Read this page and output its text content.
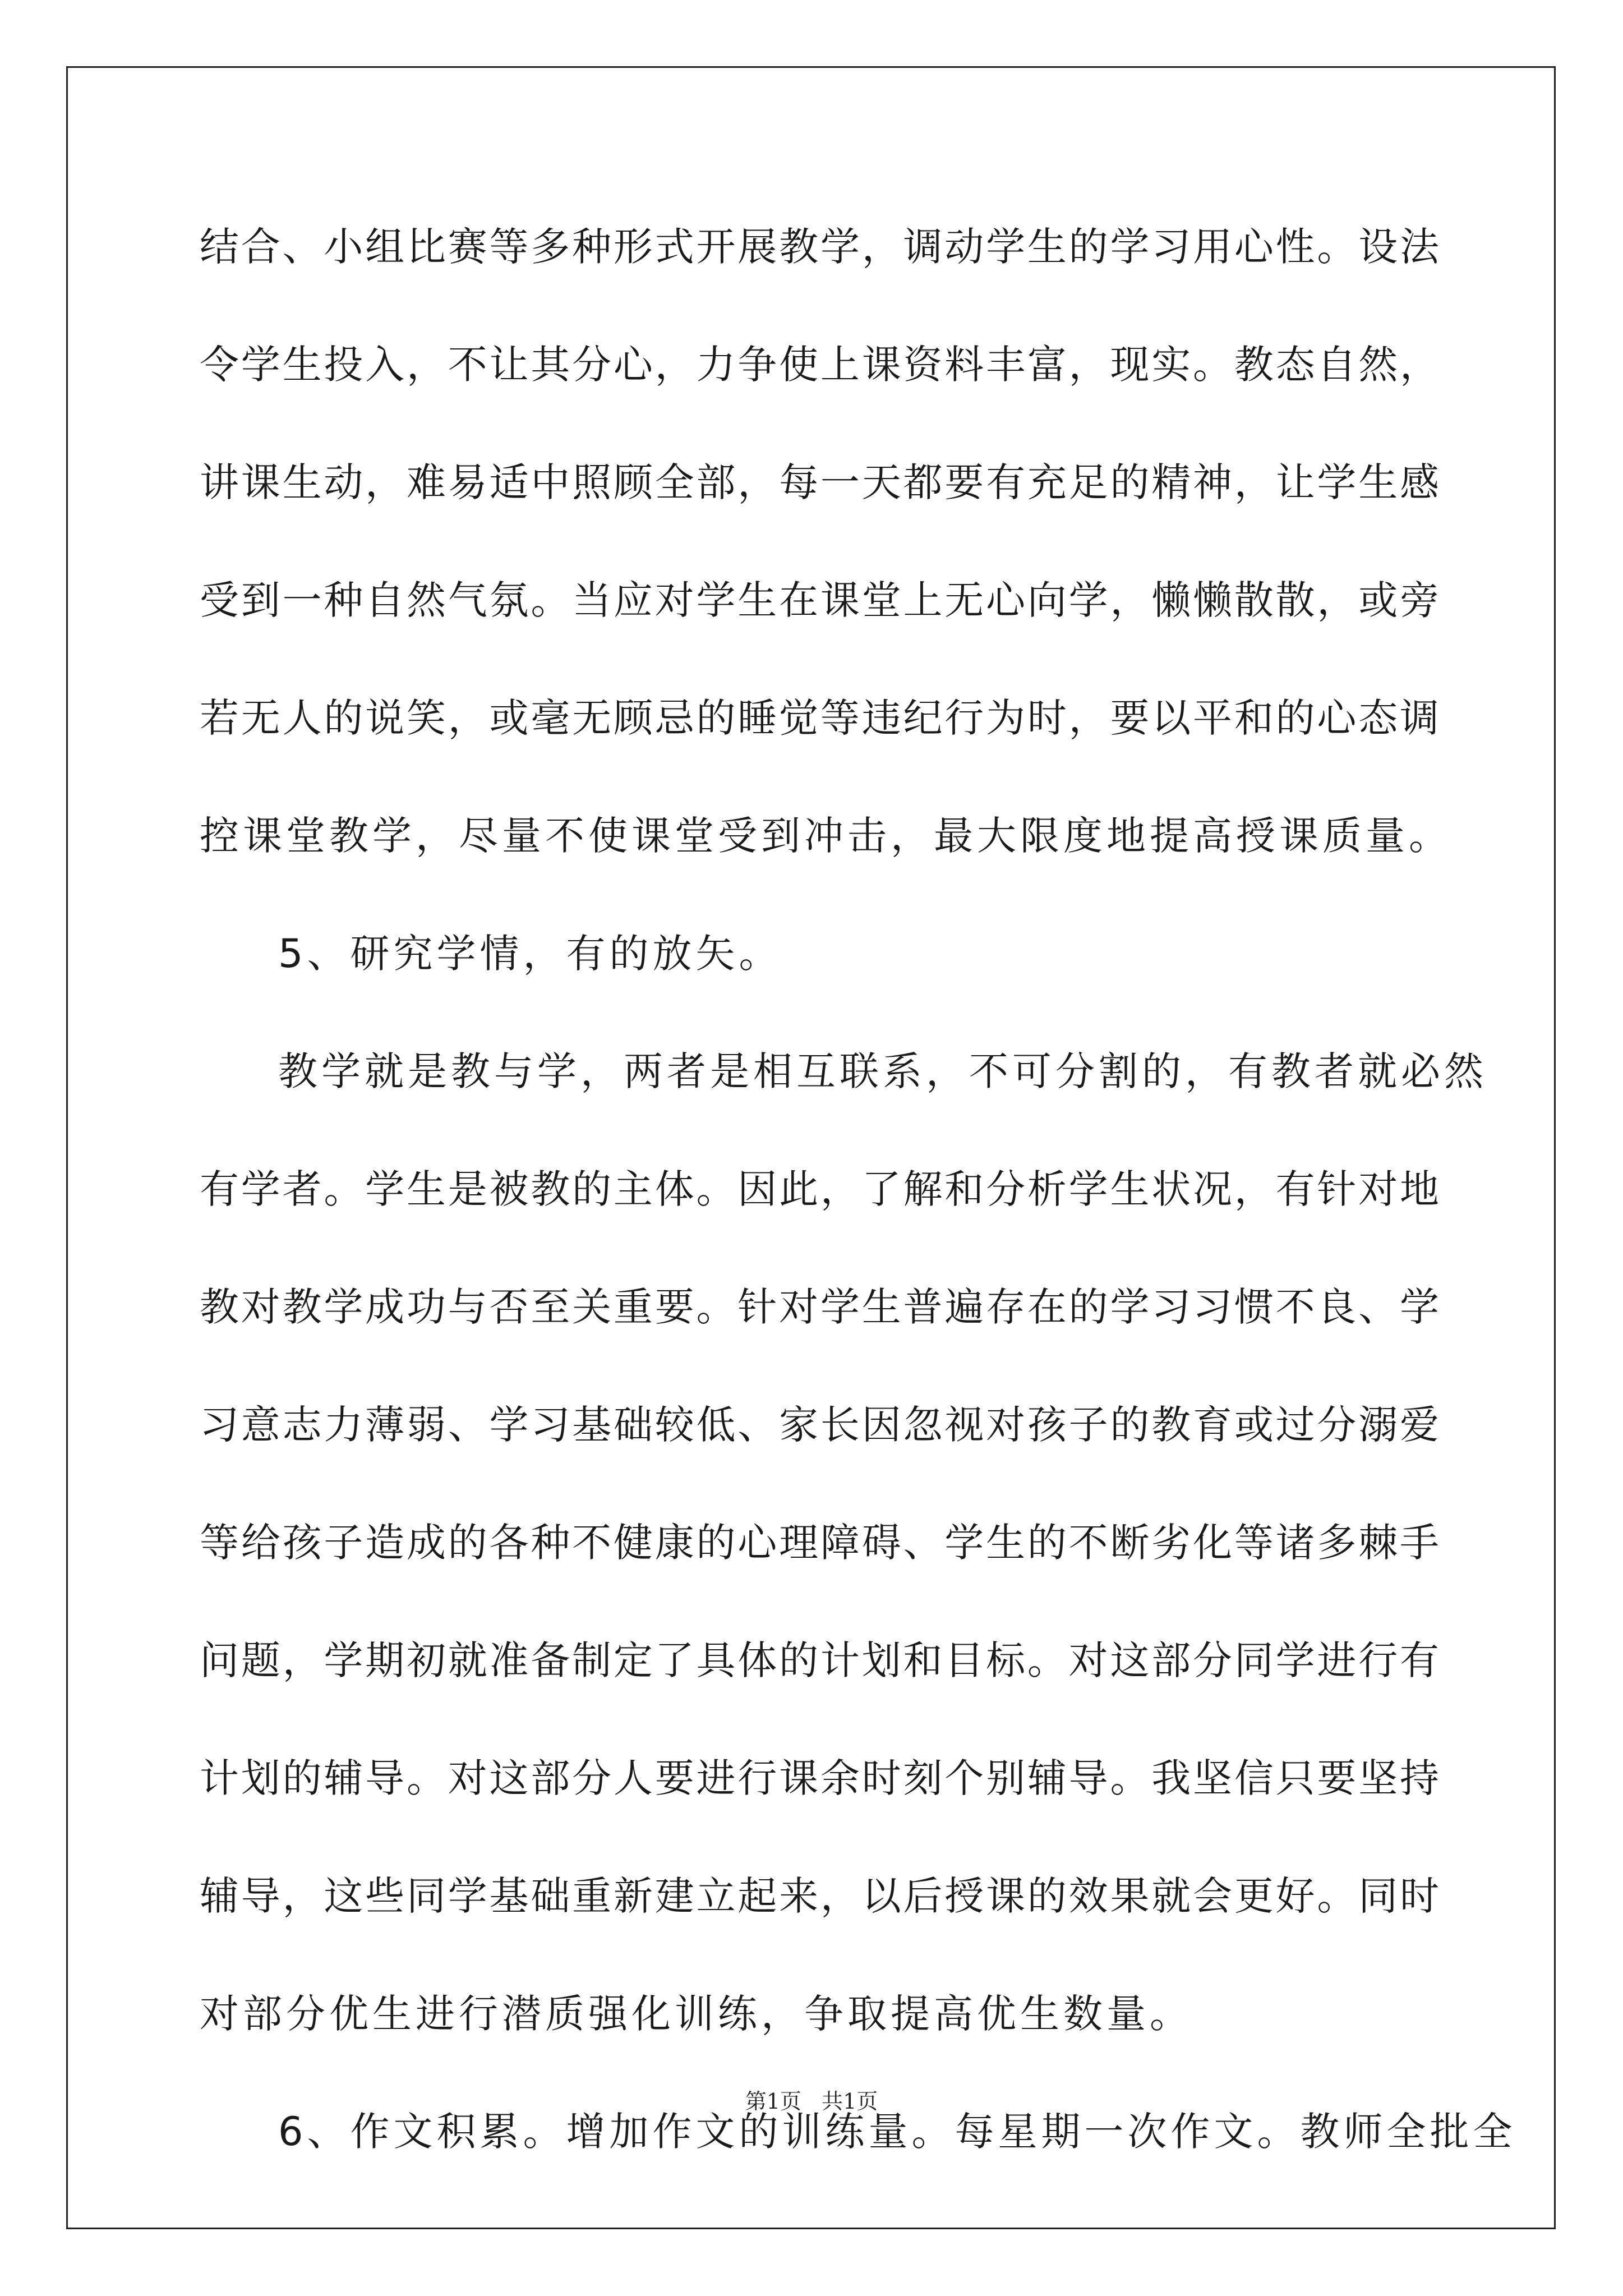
结合、小组比赛等多种形式开展教学，调动学生的学习用心性。设法
令学生投入，不让其分心，力争使上课资料丰富，现实。教态自然，
讲课生动，难易适中照顾全部，每一天都要有充足的精神，让学生感
受到一种自然气氛。当应对学生在课堂上无心向学，懒懒散散，或旁
若无人的说笑，或毫无顾忌的睡觉等违纪行为时，要以平和的心态调
控课堂教学，尽量不使课堂受到冲击，最大限度地提高授课质量。
5、研究学情，有的放矢。
教学就是教与学，两者是相互联系，不可分割的，有教者就必然
有学者。学生是被教的主体。因此，了解和分析学生状况，有针对地
教对教学成功与否至关重要。针对学生普遍存在的学习习惯不良、学
习意志力薄弱、学习基础较低、家长因忽视对孩子的教育或过分溺爱
等给孩子造成的各种不健康的心理障碍、学生的不断劣化等诸多棘手
问题，学期初就准备制定了具体的计划和目标。对这部分同学进行有
计划的辅导。对这部分人要进行课余时刻个别辅导。我坚信只要坚持
辅导，这些同学基础重新建立起来，以后授课的效果就会更好。同时
对部分优生进行潜质强化训练，争取提高优生数量。
6、作文积累。增加作文的训练量。每星期一次作文。教师全批全
第1页 共1页
